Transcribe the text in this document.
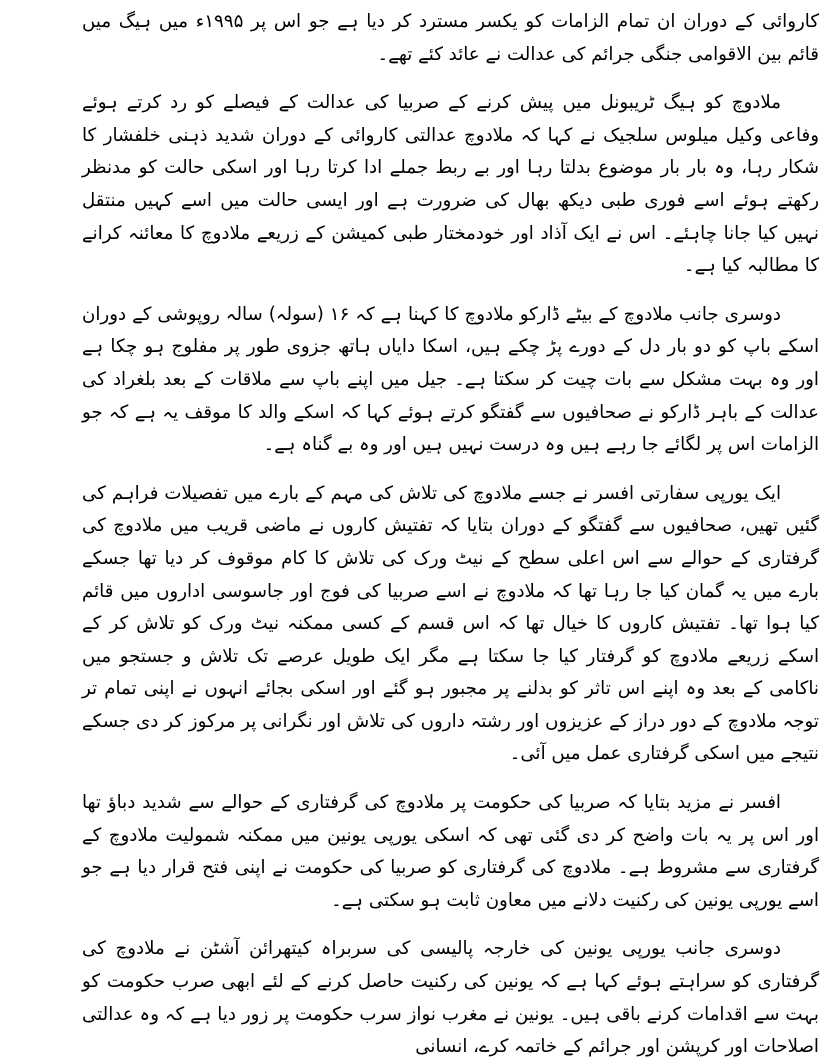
کاروائی کے دوران ان تمام الزامات کو یکسر مسترد کر دیا ہے جو اس پر ۱۹۹۵ء میں ہیگ میں قائم بین الاقوامی جنگی جرائم کی عدالت نے عائد کئے تھے۔

ملادوچ کو ہیگ ٹریبونل میں پیش کرنے کے صربیا کی عدالت کے فیصلے کو رد کرتے ہوئے وفاعی وکیل میلوس سلجیک نے کہا کہ ملادوچ عدالتی کاروائی کے دوران شدید ذہنی خلفشار کا شکار رہا، وہ بار بار موضوع بدلتا رہا اور بے ربط جملے ادا کرتا رہا اور اسکی حالت کو مدنظر رکھتے ہوئے اسے فوری طبی دیکھ بھال کی ضرورت ہے اور ایسی حالت میں اسے کہیں منتقل نہیں کیا جانا چاہئے۔ اس نے ایک آذاد اور خودمختار طبی کمیشن کے زریعے ملادوچ کا معائنہ کرانے کا مطالبہ کیا ہے۔

دوسری جانب ملادوچ کے بیٹے ڈارکو ملادوچ کا کہنا ہے کہ ۱۶ (سولہ) سالہ روپوشی کے دوران اسکے باپ کو دو بار دل کے دورے پڑ چکے ہیں، اسکا دایاں ہاتھ جزوی طور پر مفلوج ہو چکا ہے اور وہ بہت مشکل سے بات چیت کر سکتا ہے۔ جیل میں اپنے باپ سے ملاقات کے بعد بلغراد کی عدالت کے باہر ڈارکو نے صحافیوں سے گفتگو کرتے ہوئے کہا کہ اسکے والد کا موقف یہ ہے کہ جو الزامات اس پر لگائے جا رہے ہیں وہ درست نہیں ہیں اور وہ بے گناہ ہے۔

ایک یورپی سفارتی افسر نے جسے ملادوچ کی تلاش کی مہم کے بارے میں تفصیلات فراہم کی گئیں تھیں، صحافیوں سے گفتگو کے دوران بتایا کہ تفتیش کاروں نے ماضی قریب میں ملادوچ کی گرفتاری کے حوالے سے اس اعلی سطح کے نیٹ ورک کی تلاش کا کام موقوف کر دیا تھا جسکے بارے میں یہ گمان کیا جا رہا تھا کہ ملادوچ نے اسے صربیا کی فوج اور جاسوسی اداروں میں قائم کیا ہوا تھا۔ تفتیش کاروں کا خیال تھا کہ اس قسم کے کسی ممکنہ نیٹ ورک کو تلاش کر کے اسکے زریعے ملادوچ کو گرفتار کیا جا سکتا ہے مگر ایک طویل عرصے تک تلاش و جستجو میں ناکامی کے بعد وہ اپنے اس تاثر کو بدلنے پر مجبور ہو گئے اور اسکی بجائے انہوں نے اپنی تمام تر توجہ ملادوچ کے دور دراز کے عزیزوں اور رشتہ داروں کی تلاش اور نگرانی پر مرکوز کر دی جسکے نتیجے میں اسکی گرفتاری عمل میں آئی۔

افسر نے مزید بتایا کہ صربیا کی حکومت پر ملادوچ کی گرفتاری کے حوالے سے شدید دباؤ تھا اور اس پر یہ بات واضح کر دی گئی تھی کہ اسکی یورپی یونین میں ممکنہ شمولیت ملادوچ کے گرفتاری سے مشروط ہے۔ ملادوچ کی گرفتاری کو صربیا کی حکومت نے اپنی فتح قرار دیا ہے جو اسے یورپی یونین کی رکنیت دلانے میں معاون ثابت ہو سکتی ہے۔

دوسری جانب یورپی یونین کی خارجہ پالیسی کی سربراہ کیتھرائن آشٹن نے ملادوچ کی گرفتاری کو سراہتے ہوئے کہا ہے کہ یونین کی رکنیت حاصل کرنے کے لئے ابھی صرب حکومت کو بہت سے اقدامات کرنے باقی ہیں۔ یونین نے مغرب نواز سرب حکومت پر زور دیا ہے کہ وہ عدالتی اصلاحات اور کرپشن اور جرائم کے خاتمہ کرے، انسانی
